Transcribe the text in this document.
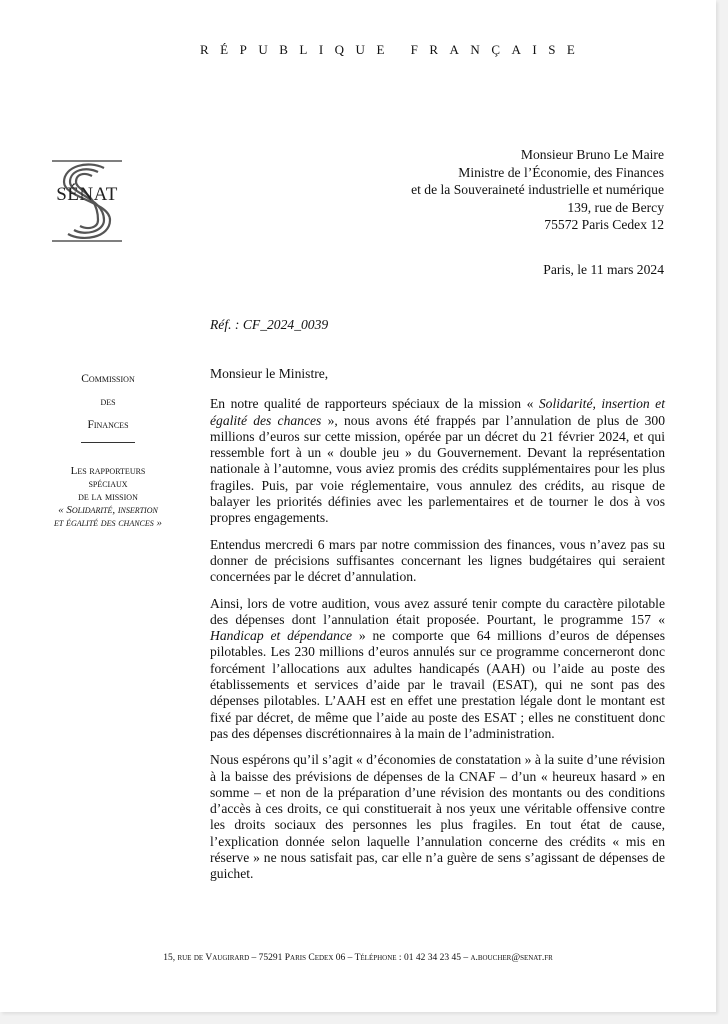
RÉPUBLIQUE FRANÇAISE
SÉNAT
Monsieur Bruno Le Maire
Ministre de l’Économie, des Finances
et de la Souveraineté industrielle et numérique
139, rue de Bercy
75572 Paris Cedex 12
Paris, le 11 mars 2024
Réf. : CF_2024_0039
Commission
des
Finances
Les rapporteurs
spéciaux
de la mission
« Solidarité, insertion
et égalité des chances »

Monsieur le Ministre,

En notre qualité de rapporteurs spéciaux de la mission « Solidarité, insertion et égalité des chances », nous avons été frappés par l’annulation de plus de 300 millions d’euros sur cette mission, opérée par un décret du 21 février 2024, et qui ressemble fort à un « double jeu » du Gouvernement. Devant la représentation nationale à l’automne, vous aviez promis des crédits supplémentaires pour les plus fragiles. Puis, par voie réglementaire, vous annulez des crédits, au risque de balayer les priorités définies avec les parlementaires et de tourner le dos à vos propres engagements.

Entendus mercredi 6 mars par notre commission des finances, vous n’avez pas su donner de précisions suffisantes concernant les lignes budgétaires qui seraient concernées par le décret d’annulation.

Ainsi, lors de votre audition, vous avez assuré tenir compte du caractère pilotable des dépenses dont l’annulation était proposée. Pourtant, le programme 157 « Handicap et dépendance » ne comporte que 64 millions d’euros de dépenses pilotables. Les 230 millions d’euros annulés sur ce programme concerneront donc forcément l’allocations aux adultes handicapés (AAH) ou l’aide au poste des établissements et services d’aide par le travail (ESAT), qui ne sont pas des dépenses pilotables. L’AAH est en effet une prestation légale dont le montant est fixé par décret, de même que l’aide au poste des ESAT ; elles ne constituent donc pas des dépenses discrétionnaires à la main de l’administration.

Nous espérons qu’il s’agit « d’économies de constatation » à la suite d’une révision à la baisse des prévisions de dépenses de la CNAF – d’un « heureux hasard » en somme – et non de la préparation d’une révision des montants ou des conditions d’accès à ces droits, ce qui constituerait à nos yeux une véritable offensive contre les droits sociaux des personnes les plus fragiles. En tout état de cause, l’explication donnée selon laquelle l’annulation concerne des crédits « mis en réserve » ne nous satisfait pas, car elle n’a guère de sens s’agissant de dépenses de guichet.

15, rue de Vaugirard – 75291 Paris Cedex 06 – Téléphone : 01 42 34 23 45 – a.boucher@senat.fr
